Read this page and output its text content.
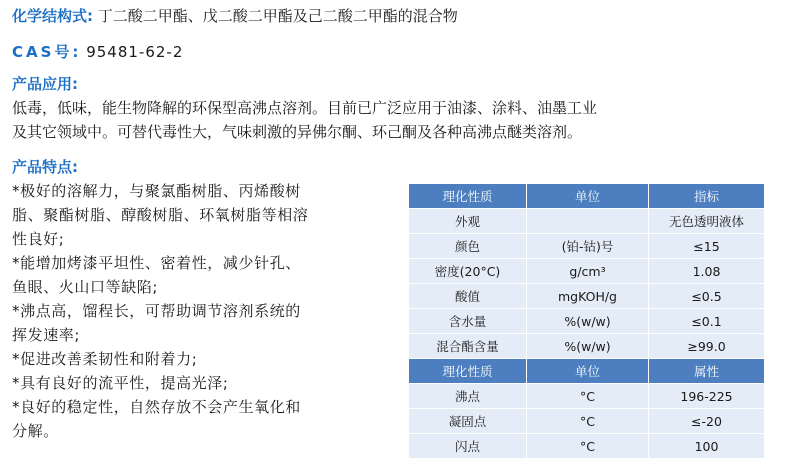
化学结构式: 丁二酸二甲酯、戊二酸二甲酯及己二酸二甲酯的混合物
CAS号: 95481-62-2
产品应用:
低毒，低味，能生物降解的环保型高沸点溶剂。目前已广泛应用于油漆、涂料、油墨工业
及其它领域中。可替代毒性大，气味刺激的异佛尔酮、环己酮及各种高沸点醚类溶剂。
产品特点:
*极好的溶解力，与聚氯酯树脂、丙烯酸树
脂、聚酯树脂、醇酸树脂、环氧树脂等相溶
性良好;
*能增加烤漆平坦性、密着性，减少针孔、
鱼眼、火山口等缺陷;
*沸点高，馏程长，可帮助调节溶剂系统的
挥发速率;
*促进改善柔韧性和附着力;
*具有良好的流平性，提高光泽;
*良好的稳定性，自然存放不会产生氧化和
分解。
理化性质	单位	指标
外观		无色透明液体
颜色	(铂-钴)号	≤15
密度(20°C)	g/cm³	1.08
酸值	mgKOH/g	≤0.5
含水量	%(w/w)	≤0.1
混合酯含量	%(w/w)	≥99.0
理化性质	单位	属性
沸点	°C	196-225
凝固点	°C	≤-20
闪点	°C	100
